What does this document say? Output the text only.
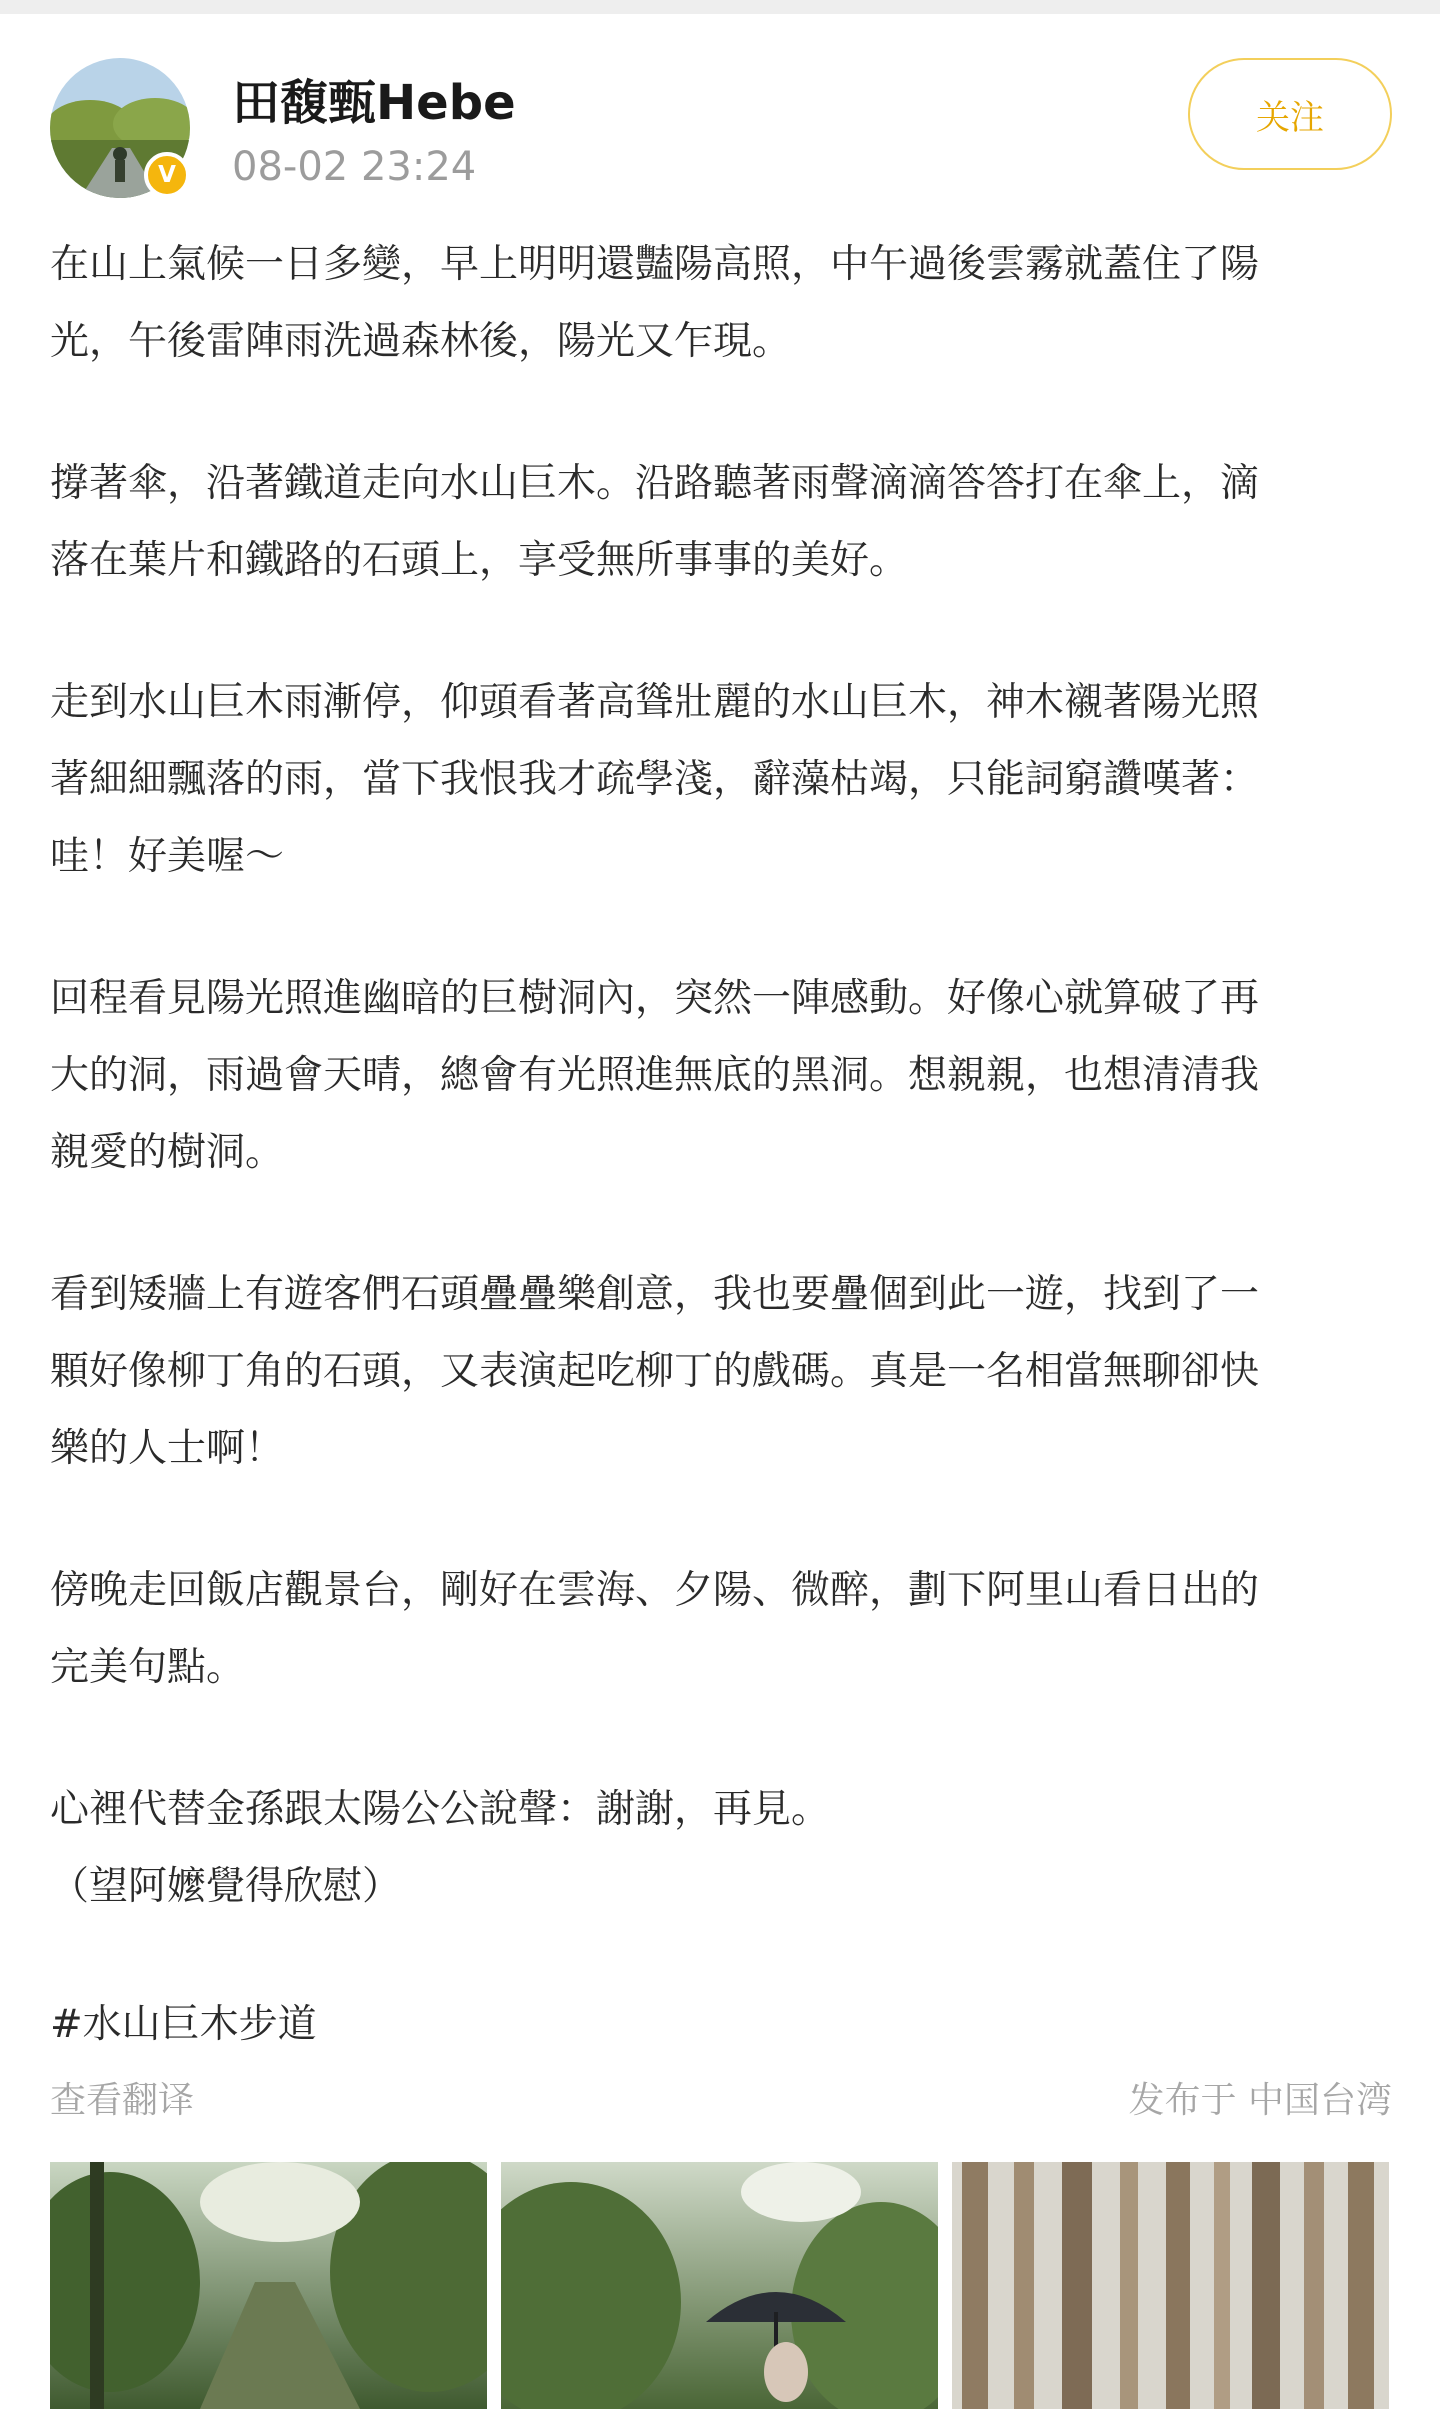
V
田馥甄Hebe
08-02 23:24
关注

在山上氣候一日多變，早上明明還豔陽高照，中午過後雲霧就蓋住了陽
光，午後雷陣雨洗過森林後，陽光又乍現。

撐著傘，沿著鐵道走向水山巨木。沿路聽著雨聲滴滴答答打在傘上，滴
落在葉片和鐵路的石頭上，享受無所事事的美好。

走到水山巨木雨漸停，仰頭看著高聳壯麗的水山巨木，神木襯著陽光照
著細細飄落的雨，當下我恨我才疏學淺，辭藻枯竭，只能詞窮讚嘆著：
哇！好美喔～

回程看見陽光照進幽暗的巨樹洞內，突然一陣感動。好像心就算破了再
大的洞，雨過會天晴，總會有光照進無底的黑洞。想親親，也想清清我
親愛的樹洞。

看到矮牆上有遊客們石頭疊疊樂創意，我也要疊個到此一遊，找到了一
顆好像柳丁角的石頭，又表演起吃柳丁的戲碼。真是一名相當無聊卻快
樂的人士啊！

傍晚走回飯店觀景台，剛好在雲海、夕陽、微醉，劃下阿里山看日出的
完美句點。

心裡代替金孫跟太陽公公說聲：謝謝，再見。
（望阿嬤覺得欣慰）

#水山巨木步道
查看翻译	发布于 中国台湾
